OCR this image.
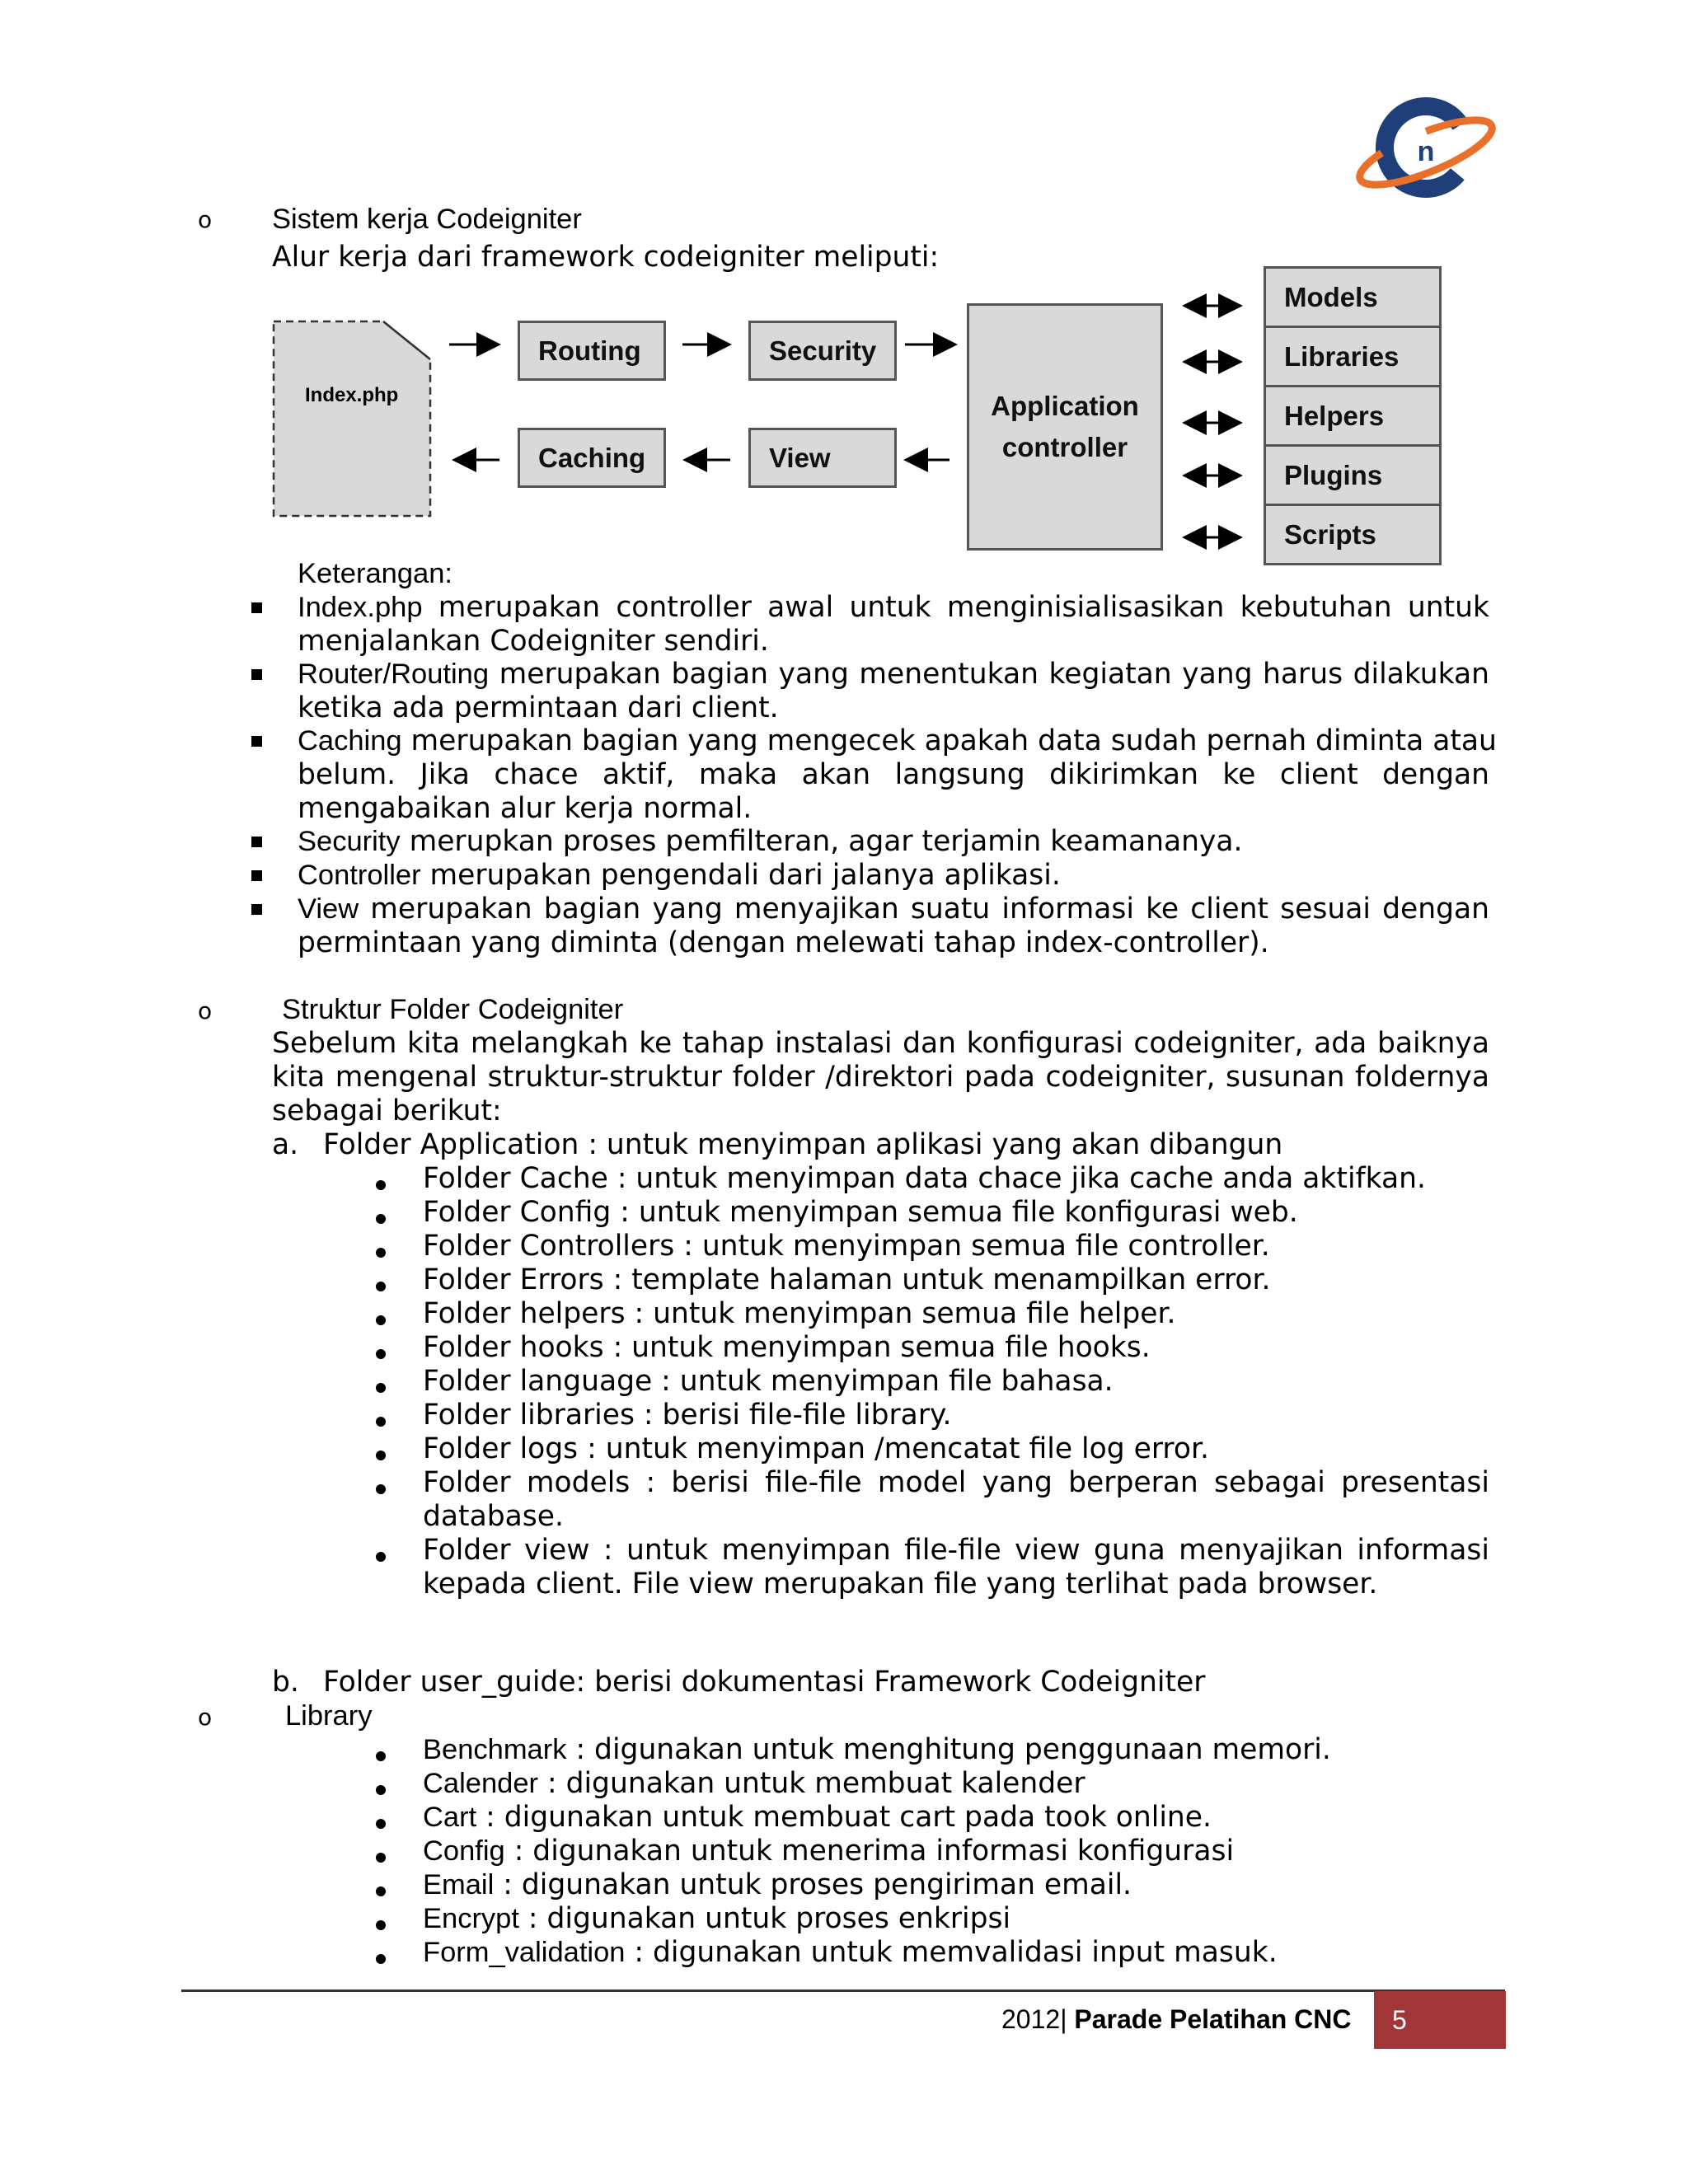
n
o Sistem kerja Codeigniter
Alur kerja dari framework codeigniter meliputi:
Index.php
Routing	Security
Caching	View
Application
controller
Models
Libraries
Helpers
Plugins
Scripts
Keterangan:
Index.php merupakan controller awal untuk menginisialisasikan kebutuhan untuk
menjalankan Codeigniter sendiri.
Router/Routing merupakan bagian yang menentukan kegiatan yang harus dilakukan
ketika ada permintaan dari client.
Caching merupakan bagian yang mengecek apakah data sudah pernah diminta atau
belum. Jika chace aktif, maka akan langsung dikirimkan ke client dengan
mengabaikan alur kerja normal.
Security merupkan proses pemfilteran, agar terjamin keamananya.
Controller merupakan pengendali dari jalanya aplikasi.
View merupakan bagian yang menyajikan suatu informasi ke client sesuai dengan
permintaan yang diminta (dengan melewati tahap index-controller).
o Struktur Folder Codeigniter
Sebelum kita melangkah ke tahap instalasi dan konfigurasi codeigniter, ada baiknya
kita mengenal struktur-struktur folder /direktori pada codeigniter, susunan foldernya
sebagai berikut:
a. Folder Application : untuk menyimpan aplikasi yang akan dibangun
Folder Cache : untuk menyimpan data chace jika cache anda aktifkan.
Folder Config : untuk menyimpan semua file konfigurasi web.
Folder Controllers : untuk menyimpan semua file controller.
Folder Errors : template halaman untuk menampilkan error.
Folder helpers : untuk menyimpan semua file helper.
Folder hooks : untuk menyimpan semua file hooks.
Folder language : untuk menyimpan file bahasa.
Folder libraries : berisi file-file library.
Folder logs : untuk menyimpan /mencatat file log error.
Folder models : berisi file-file model yang berperan sebagai presentasi
database.
Folder view : untuk menyimpan file-file view guna menyajikan informasi
kepada client. File view merupakan file yang terlihat pada browser.
b. Folder user_guide: berisi dokumentasi Framework Codeigniter
o	Library
Benchmark : digunakan untuk menghitung penggunaan memori.
Calender : digunakan untuk membuat kalender
Cart : digunakan untuk membuat cart pada took online.
Config : digunakan untuk menerima informasi konfigurasi
Email : digunakan untuk proses pengiriman email.
Encrypt : digunakan untuk proses enkripsi
Form_validation : digunakan untuk memvalidasi input masuk.
2012| Parade Pelatihan CNC	5
